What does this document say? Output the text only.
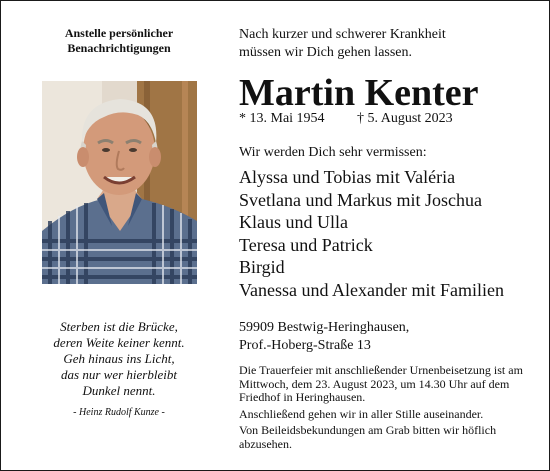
Anstelle persönlicher
Benachrichtigungen
Sterben ist die Brücke,
deren Weite keiner kennt.
Geh hinaus ins Licht,
das nur wer hierbleibt
Dunkel nennt.
- Heinz Rudolf Kunze -
Nach kurzer und schwerer Krankheit
müssen wir Dich gehen lassen.
Martin Kenter
* 13. Mai 1954 † 5. August 2023
Wir werden Dich sehr vermissen:
Alyssa und Tobias mit Valéria
Svetlana und Markus mit Joschua
Klaus und Ulla
Teresa und Patrick
Birgid
Vanessa und Alexander mit Familien
59909 Bestwig-Heringhausen,
Prof.-Hoberg-Straße 13

Die Trauerfeier mit anschließender Urnenbeisetzung ist am Mittwoch, dem 23. August 2023, um 14.30 Uhr auf dem Friedhof in Heringhausen.

Anschließend gehen wir in aller Stille auseinander.

Von Beileidsbekundungen am Grab bitten wir höflich abzusehen.
